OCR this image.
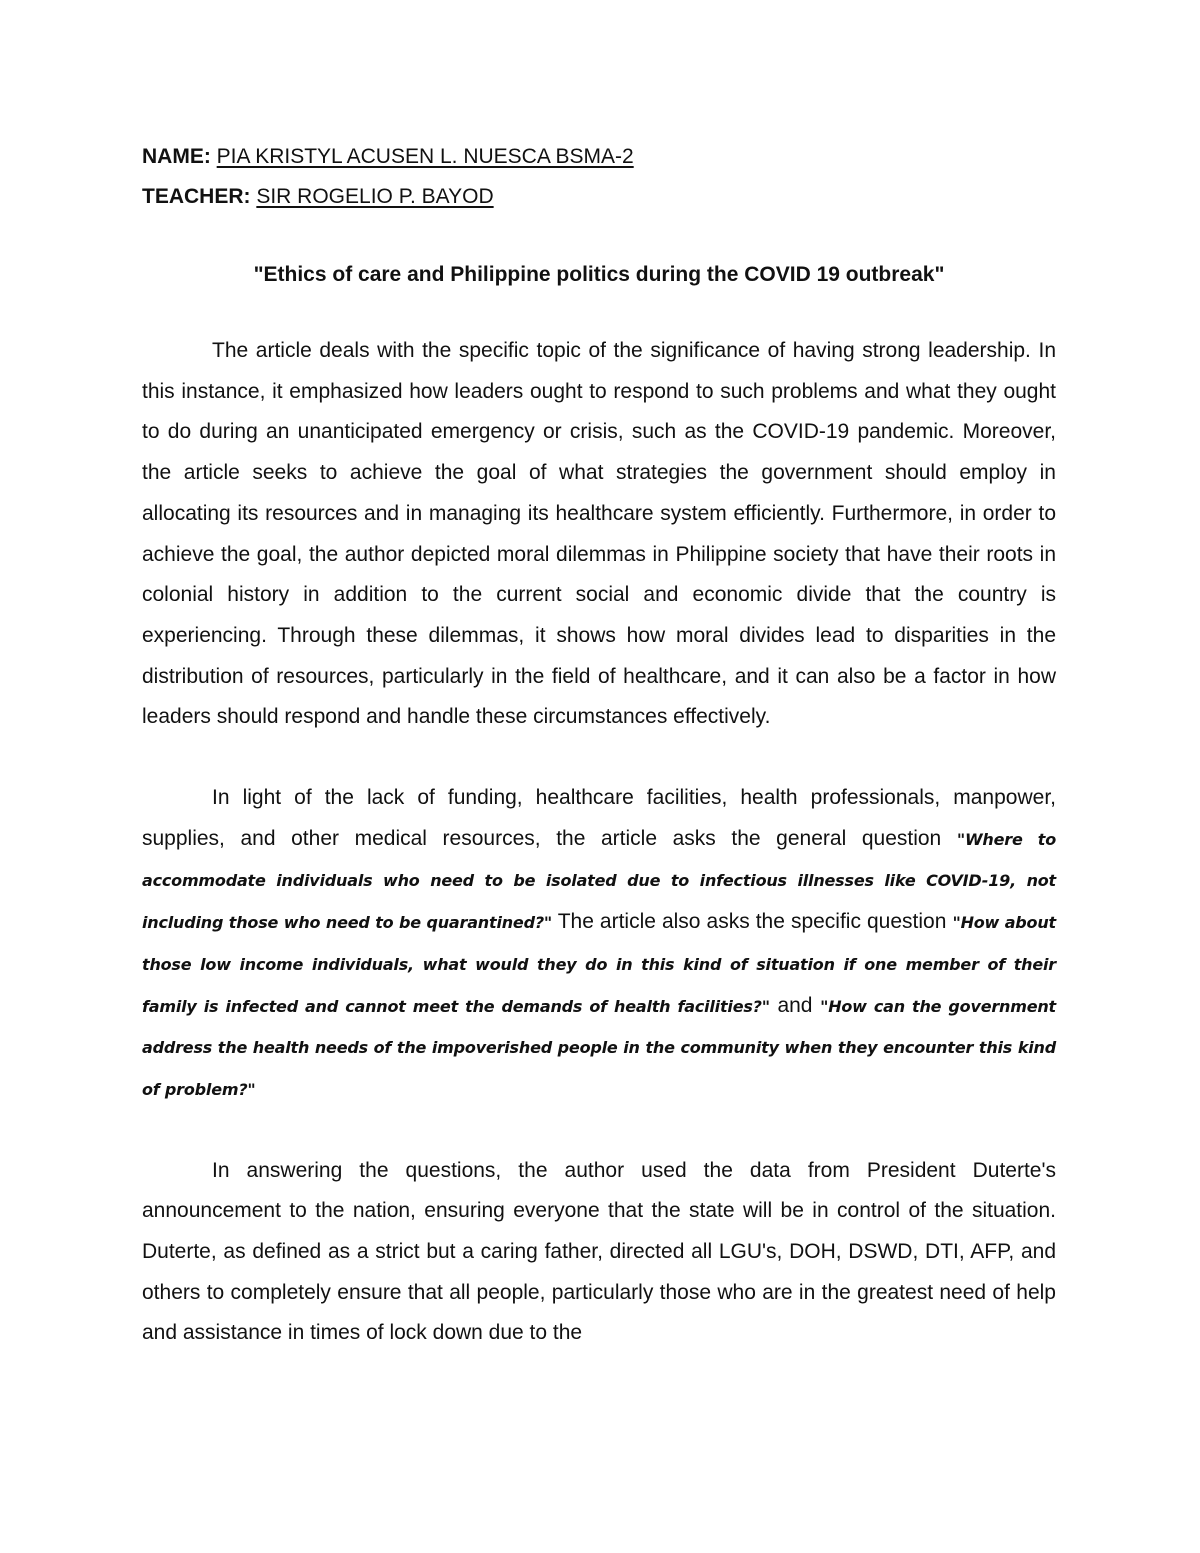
NAME: PIA KRISTYL ACUSEN L. NUESCA BSMA-2
TEACHER: SIR ROGELIO P. BAYOD
"Ethics of care and Philippine politics during the COVID 19 outbreak"

The article deals with the specific topic of the significance of having strong leadership. In this instance, it emphasized how leaders ought to respond to such problems and what they ought to do during an unanticipated emergency or crisis, such as the COVID-19 pandemic. Moreover, the article seeks to achieve the goal of what strategies the government should employ in allocating its resources and in managing its healthcare system efficiently. Furthermore, in order to achieve the goal, the author depicted moral dilemmas in Philippine society that have their roots in colonial history in addition to the current social and economic divide that the country is experiencing. Through these dilemmas, it shows how moral divides lead to disparities in the distribution of resources, particularly in the field of healthcare, and it can also be a factor in how leaders should respond and handle these circumstances effectively.

In light of the lack of funding, healthcare facilities, health professionals, manpower, supplies, and other medical resources, the article asks the general question "Where to accommodate individuals who need to be isolated due to infectious illnesses like COVID-19, not including those who need to be quarantined?" The article also asks the specific question "How about those low income individuals, what would they do in this kind of situation if one member of their family is infected and cannot meet the demands of health facilities?" and "How can the government address the health needs of the impoverished people in the community when they encounter this kind of problem?"

In answering the questions, the author used the data from President Duterte's announcement to the nation, ensuring everyone that the state will be in control of the situation. Duterte, as defined as a strict but a caring father, directed all LGU's, DOH, DSWD, DTI, AFP, and others to completely ensure that all people, particularly those who are in the greatest need of help and assistance in times of lock down due to the
